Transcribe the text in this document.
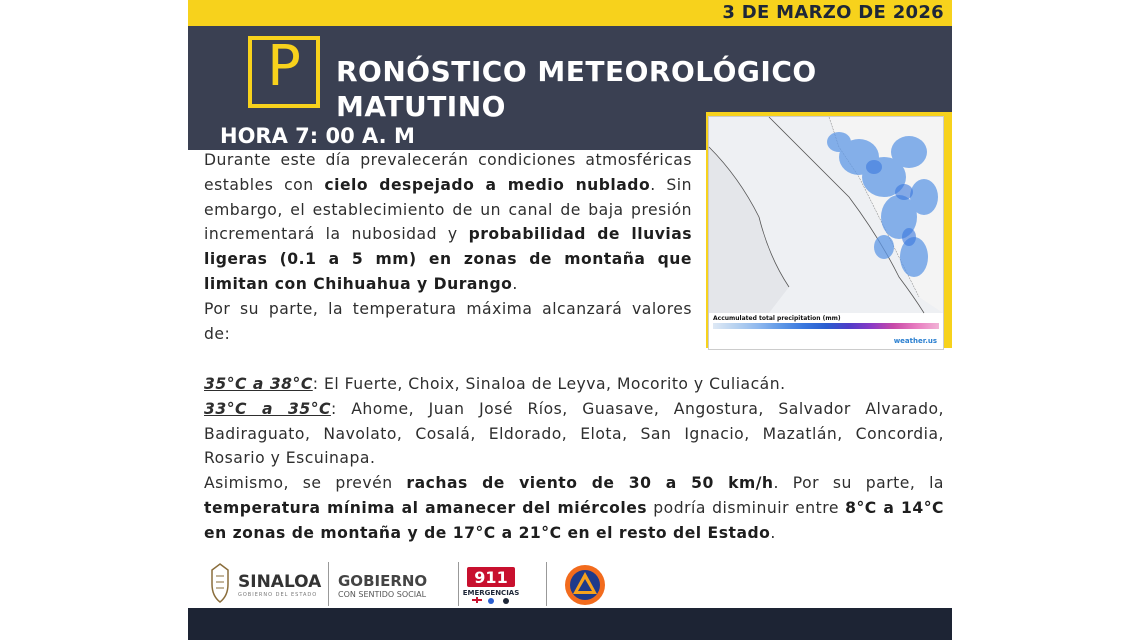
3 DE MARZO DE 2026
P	RONÓSTICO METEOROLÓGICO
MATUTINO
HORA 7: 00 A. M
Accumulated total precipitation (mm)
weather.us

Durante este día prevalecerán condiciones atmosféricas estables con cielo despejado a medio nublado. Sin embargo, el establecimiento de un canal de baja presión incrementará la nubosidad y probabilidad de lluvias ligeras (0.1 a 5 mm) en zonas de montaña que limitan con Chihuahua y Durango.

Por su parte, la temperatura máxima alcanzará valores de:

35°C a 38°C: El Fuerte, Choix, Sinaloa de Leyva, Mocorito y Culiacán.

33°C a 35°C: Ahome, Juan José Ríos, Guasave, Angostura, Salvador Alvarado, Badiraguato, Navolato, Cosalá, Eldorado, Elota, San Ignacio, Mazatlán, Concordia, Rosario y Escuinapa.

Asimismo, se prevén rachas de viento de 30 a 50 km/h. Por su parte, la temperatura mínima al amanecer del miércoles podría disminuir entre 8°C a 14°C en zonas de montaña y de 17°C a 21°C en el resto del Estado.

SINALOA
GOBIERNO DEL ESTADO
GOBIERNO
CON SENTIDO SOCIAL
911
EMERGENCIAS
